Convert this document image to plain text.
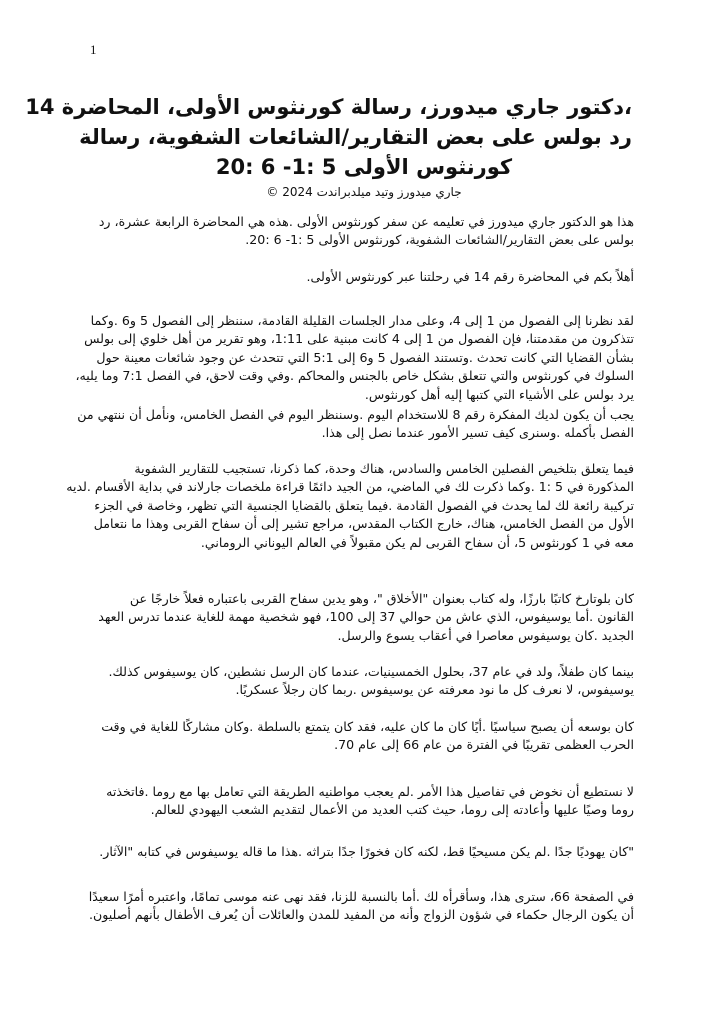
1
،دكتور جاري ميدورز، رسالة كورنثوس الأولى، المحاضرة 14
رد بولس على بعض التقارير/الشائعات الشفوية، رسالة
كورنثوس الأولى 5 :1- 6 :20
جاري ميدورز وتيد ميلدبراندت 2024 ©
هذا هو الدكتور جاري ميدورز في تعليمه عن سفر كورنثوس الأولى .هذه هي المحاضرة الرابعة عشرة، رد
بولس على بعض التقارير/الشائعات الشفوية، كورنثوس الأولى 5 :1- 6 :20.
أهلاً بكم في المحاضرة رقم 14 في رحلتنا عبر كورنثوس الأولى.
لقد نظرنا إلى الفصول من 1 إلى 4، وعلى مدار الجلسات القليلة القادمة، سننظر إلى الفصول 5 و6 .وكما
تتذكرون من مقدمتنا، فإن الفصول من 1 إلى 4 كانت مبنية على 1:11، وهو تقرير من أهل خلوي إلى بولس
بشأن القضايا التي كانت تحدث .وتستند الفصول 5 و6 إلى 5:1 التي تتحدث عن وجود شائعات معينة حول
السلوك في كورنثوس والتي تتعلق بشكل خاص بالجنس والمحاكم .وفي وقت لاحق، في الفصل 7:1 وما يليه،
يرد بولس على الأشياء التي كتبها إليه أهل كورنثوس.
يجب أن يكون لديك المفكرة رقم 8 للاستخدام اليوم .وسننظر اليوم في الفصل الخامس، ونأمل أن ننتهي من
الفصل بأكمله .وسنرى كيف تسير الأمور عندما نصل إلى هذا.
فيما يتعلق بتلخيص الفصلين الخامس والسادس، هناك وحدة، كما ذكرنا، تستجيب للتقارير الشفوية
المذكورة في 5 :1 .وكما ذكرت لك في الماضي، من الجيد دائمًا قراءة ملخصات جارلاند في بداية الأقسام .لديه
تركيبة رائعة لك لما يحدث في الفصول القادمة .فيما يتعلق بالقضايا الجنسية التي تظهر، وخاصة في الجزء
الأول من الفصل الخامس، هناك، خارج الكتاب المقدس، مراجع تشير إلى أن سفاح القربى وهذا ما نتعامل
معه في 1 كورنثوس 5، أن سفاح القربى لم يكن مقبولاً في العالم اليوناني الروماني.
كان بلوتارخ كاتبًا بارزًا، وله كتاب بعنوان "الأخلاق "، وهو يدين سفاح القربى باعتباره فعلاً خارجًا عن
القانون .أما يوسيفوس، الذي عاش من حوالي 37 إلى 100، فهو شخصية مهمة للغاية عندما تدرس العهد
الجديد .كان يوسيفوس معاصرا في أعقاب يسوع والرسل.
بينما كان طفلاً، ولد في عام 37، بحلول الخمسينيات، عندما كان الرسل نشطين، كان يوسيفوس كذلك.
يوسيفوس، لا نعرف كل ما نود معرفته عن يوسيفوس .ربما كان رجلاً عسكريًا.
كان بوسعه أن يصبح سياسيًا .أيًا كان ما كان عليه، فقد كان يتمتع بالسلطة .وكان مشاركًا للغاية في وقت
الحرب العظمى تقريبًا في الفترة من عام 66 إلى عام 70.
لا نستطيع أن نخوض في تفاصيل هذا الأمر .لم يعجب مواطنيه الطريقة التي تعامل بها مع روما .فاتخذته
روما وصيًا عليها وأعادته إلى روما، حيث كتب العديد من الأعمال لتقديم الشعب اليهودي للعالم.
"كان يهوديًا جدًا .لم يكن مسيحيًا قط، لكنه كان فخورًا جدًا بتراثه .هذا ما قاله يوسيفوس في كتابه "الآثار.
في الصفحة 66، ستری هذا، وسأقرأه لك .أما بالنسبة للزنا، فقد نهى عنه موسى تمامًا، واعتبره أمرًا سعيدًا
أن يكون الرجال حكماء في شؤون الزواج وأنه من المفيد للمدن والعائلات أن يُعرف الأطفال بأنهم أصليون.
